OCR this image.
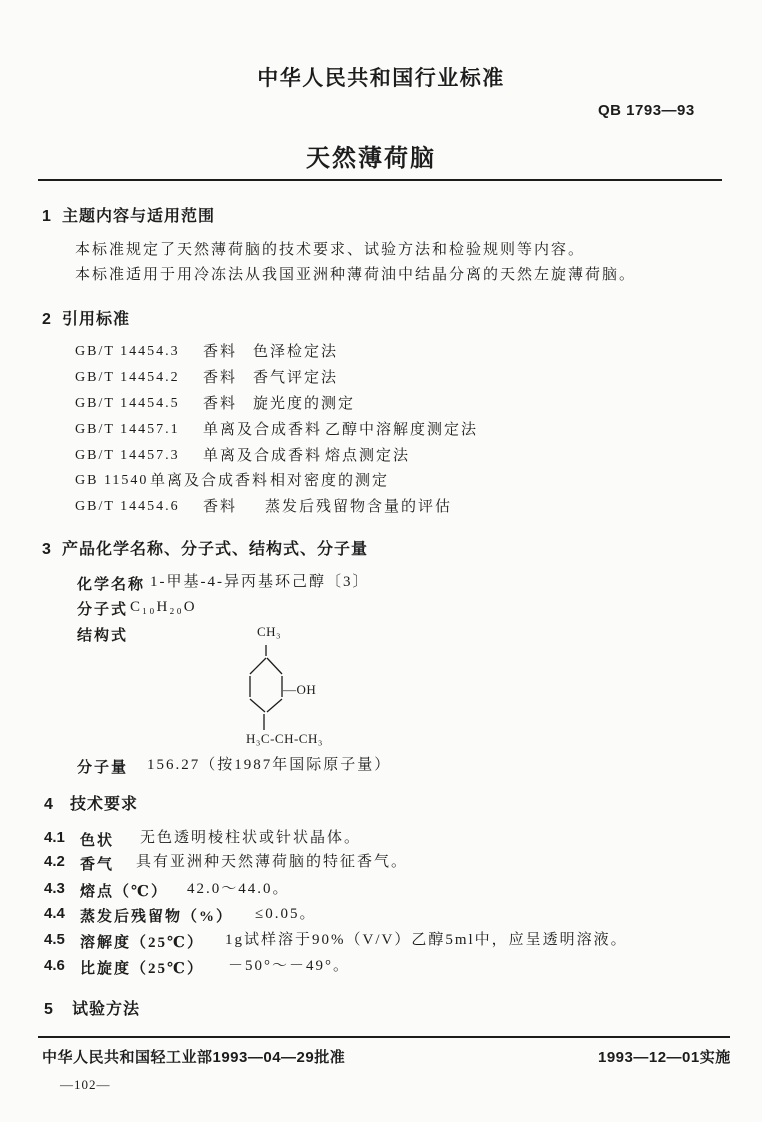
中华人民共和国行业标准
QB 1793—93
天然薄荷脑
1 主题内容与适用范围
本标准规定了天然薄荷脑的技术要求、试验方法和检验规则等内容。
本标准适用于用冷冻法从我国亚洲种薄荷油中结晶分离的天然左旋薄荷脑。
2 引用标准
GB/T 14454.3 香料 色泽检定法
GB/T 14454.2 香料 香气评定法
GB/T 14454.5 香料 旋光度的测定
GB/T 14457.1 单离及合成香料 乙醇中溶解度测定法
GB/T 14457.3 单离及合成香料 熔点测定法
GB 11540 单离及合成香料 相对密度的测定
GB/T 14454.6 香料 蒸发后残留物含量的评估
3 产品化学名称、分子式、结构式、分子量
化学名称 1-甲基-4-异丙基环己醇〔3〕
分子式 C₁₀H₂₀O
结构式	CH₃
—OH
H₃C-CH-CH₃
分子量 156.27（按1987年国际原子量）
4 技术要求
4.1 色状 无色透明棱柱状或针状晶体。
4.2 香气 具有亚洲种天然薄荷脑的特征香气。
4.3 熔点（℃） 42.0～44.0。
4.4 蒸发后残留物（%） ≤0.05。
4.5 溶解度（25℃） 1g试样溶于90%（V/V）乙醇5ml中，应呈透明溶液。
4.6 比旋度（25℃） －50°～－49°。
5 试验方法
中华人民共和国轻工业部1993—04—29批准	1993—12—01实施
—102—
